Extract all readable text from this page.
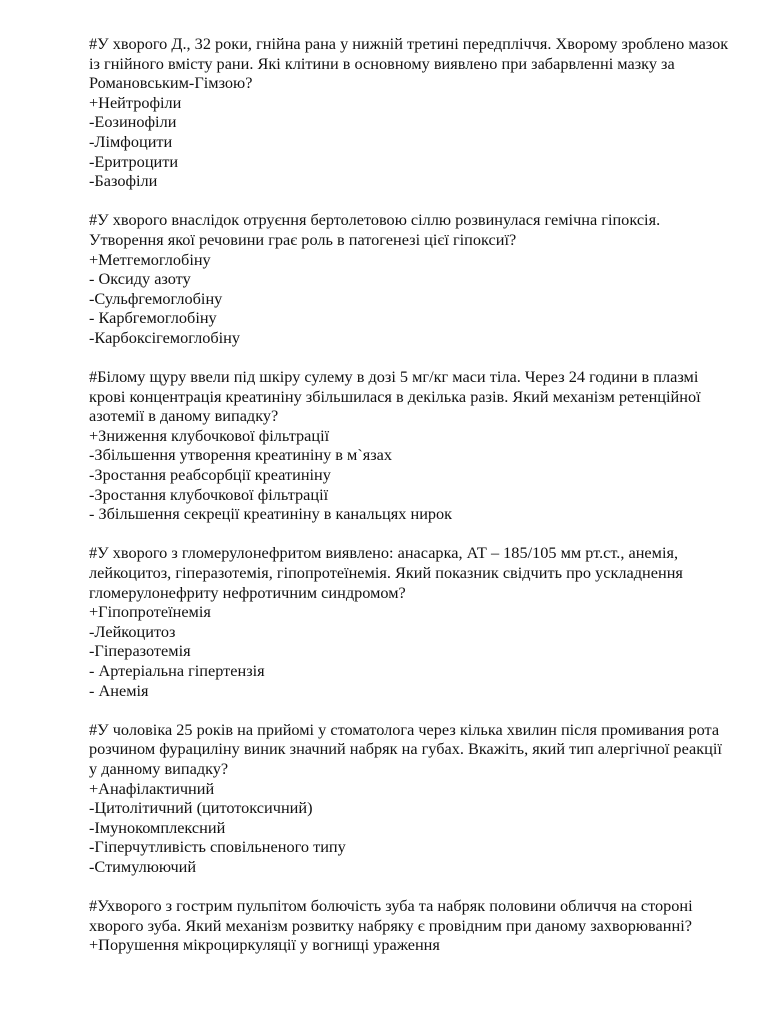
#У хворого Д., 32 роки, гнійна рана у нижній третині передпліччя. Хворому зроблено мазок із гнійного вмісту рани. Які клітини в основному виявлено при забарвленні мазку за Романовським-Гімзою?

+Нейтрофіли
-Еозинофіли
-Лімфоцити
-Еритроцити
-Базофіли

#У хворого внаслідок отруєння бертолетовою сіллю розвинулася гемічна гіпоксія. Утворення якої речовини грає роль в патогенезі цієї гіпоксиї?

+Метгемоглобіну
- Оксиду азоту
-Сульфгемоглобіну
- Карбгемоглобіну
-Карбоксігемоглобіну

#Білому щуру ввели під шкіру сулему в дозі 5 мг/кг маси тіла. Через 24 години в плазмі крові концентрація креатиніну збільшилася в декілька разів. Який механізм ретенційної азотемії в даному випадку?

+Зниження клубочкової фільтрації
-Збільшення утворення креатиніну в м`язах
-Зростання реабсорбції креатиніну
-Зростання клубочкової фільтрації
- Збільшення секреції креатиніну в канальцях нирок

#У хворого з гломерулонефритом виявлено: анасарка, АТ – 185/105 мм рт.ст., анемія, лейкоцитоз, гіперазотемія, гіпопротеїнемія. Який показник свідчить про ускладнення гломерулонефриту нефротичним синдромом?

+Гіпопротеїнемія
-Лейкоцитоз
-Гіперазотемія
- Артеріальна гіпертензія
- Анемія

#У чоловіка 25 років на прийомі у стоматолога через кілька хвилин після промивания рота розчином фурациліну виник значний набряк на губах. Вкажіть, який тип алергічної реакції у данному випадку?

+Анафілактичний
-Цитолітичний (цитотоксичний)
-Імунокомплексний
-Гіперчутливість сповільненого типу
-Стимулюючий

#Ухворого з гострим пульпітом болючість зуба та набряк половини обличчя на стороні хворого зуба. Який механізм розвитку набряку є провідним при даному захворюванні?

+Порушення мікроциркуляції у вогнищі ураження
